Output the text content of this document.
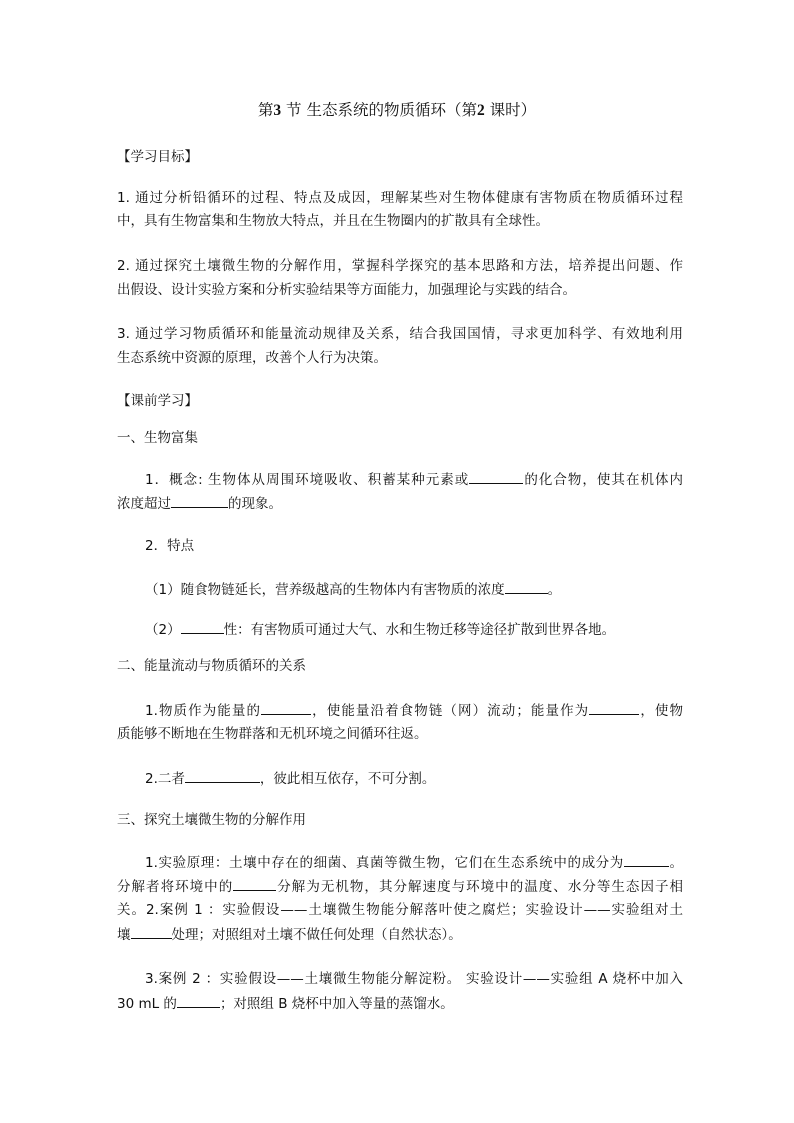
第3 节 生态系统的物质循环（第2 课时）
【学习目标】
1. 通过分析铅循环的过程、特点及成因，理解某些对生物体健康有害物质在物质循环过程
中，具有生物富集和生物放大特点，并且在生物圈内的扩散具有全球性。
2. 通过探究土壤微生物的分解作用，掌握科学探究的基本思路和方法，培养提出问题、作
出假设、设计实验方案和分析实验结果等方面能力，加强理论与实践的结合。
3. 通过学习物质循环和能量流动规律及关系，结合我国国情，寻求更加科学、有效地利用
生态系统中资源的原理，改善个人行为决策。
【课前学习】
一、生物富集
1．概念: 生物体从周围环境吸收、积蓄某种元素或	的化合物，使其在机体内
浓度超过	的现象。
2．特点
（1）随食物链延长，营养级越高的生物体内有害物质的浓度	。
（2）	性：有害物质可通过大气、水和生物迁移等途径扩散到世界各地。
二、能量流动与物质循环的关系
1.物质作为能量的	，使能量沿着食物链（网）流动；能量作为	，使物
质能够不断地在生物群落和无机环境之间循环往返。
2.二者	，彼此相互依存，不可分割。
三、探究土壤微生物的分解作用
1.实验原理：土壤中存在的细菌、真菌等微生物，它们在生态系统中的成分为	。
分解者将环境中的	分解为无机物，其分解速度与环境中的温度、水分等生态因子相
关。2.案例 1 ：实验假设——土壤微生物能分解落叶使之腐烂；实验设计——实验组对土
壤	处理；对照组对土壤不做任何处理（自然状态）。
3.案例 2 ：实验假设——土壤微生物能分解淀粉。 实验设计——实验组 A 烧杯中加入
30 mL 的	；对照组 B 烧杯中加入等量的蒸馏水。
